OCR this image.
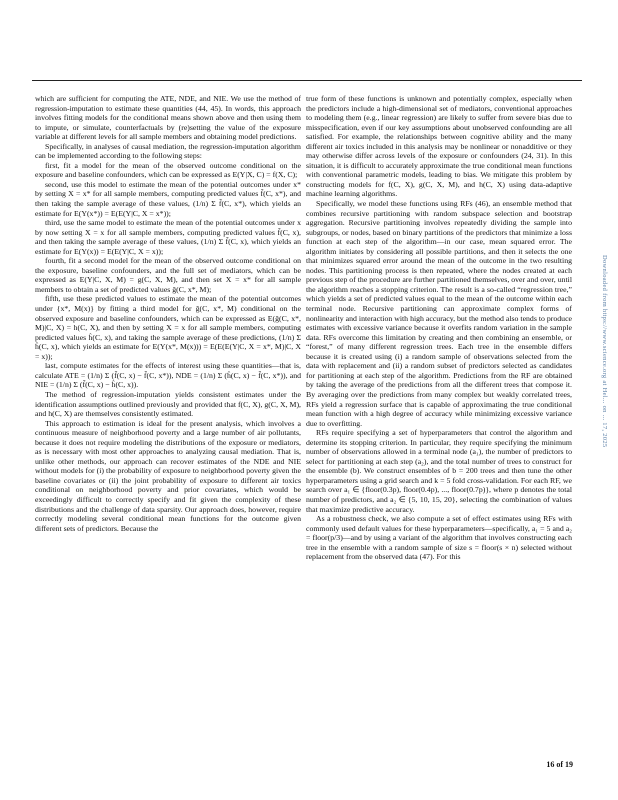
which are sufficient for computing the ATE, NDE, and NIE. We use the method of regression-imputation to estimate these quantities (44, 45). In words, this approach involves fitting models for the conditional means shown above and then using them to impute, or simulate, counterfactuals by (re)setting the value of the exposure variable at different levels for all sample members and obtaining model predictions.

Specifically, in analyses of causal mediation, the regression-imputation algorithm can be implemented according to the following steps:

first, fit a model for the mean of the observed outcome conditional on the exposure and baseline confounders, which can be expressed as E(Y|X, C) = f(X, C);

second, use this model to estimate the mean of the potential outcomes under x* by setting X = x* for all sample members, computing predicted values f̂(C, x*), and then taking the sample average of these values, (1/n) Σ f̂(C, x*), which yields an estimate for E(Y(x*)) = E(E(Y|C, X = x*));

third, use the same model to estimate the mean of the potential outcomes under x by now setting X = x for all sample members, computing predicted values f̂(C, x), and then taking the sample average of these values, (1/n) Σ f̂(C, x), which yields an estimate for E(Y(x)) = E(E(Y|C, X = x));

fourth, fit a second model for the mean of the observed outcome conditional on the exposure, baseline confounders, and the full set of mediators, which can be expressed as E(Y|C, X, M) = g(C, X, M), and then set X = x* for all sample members to obtain a set of predicted values ĝ(C, x*, M);

fifth, use these predicted values to estimate the mean of the potential outcomes under {x*, M(x)} by fitting a third model for ĝ(C, x*, M) conditional on the observed exposure and baseline confounders, which can be expressed as E(ĝ(C, x*, M)|C, X) = h(C, X), and then by setting X = x for all sample members, computing predicted values ĥ(C, x), and taking the sample average of these predictions, (1/n) Σ ĥ(C, x), which yields an estimate for E(Y(x*, M(x))) = E(E(E(Y|C, X = x*, M)|C, X = x));

last, compute estimates for the effects of interest using these quantities—that is, calculate ATE = (1/n) Σ (f̂(C, x) − f̂(C, x*)), NDE = (1/n) Σ (ĥ(C, x) − f̂(C, x*)), and NIE = (1/n) Σ (f̂(C, x) − ĥ(C, x)).

The method of regression-imputation yields consistent estimates under the identification assumptions outlined previously and provided that f(C, X), g(C, X, M), and h(C, X) are themselves consistently estimated.

This approach to estimation is ideal for the present analysis, which involves a continuous measure of neighborhood poverty and a large number of air pollutants, because it does not require modeling the distributions of the exposure or mediators, as is necessary with most other approaches to analyzing causal mediation. That is, unlike other methods, our approach can recover estimates of the NDE and NIE without models for (i) the probability of exposure to neighborhood poverty given the baseline covariates or (ii) the joint probability of exposure to different air toxics conditional on neighborhood poverty and prior covariates, which would be exceedingly difficult to correctly specify and fit given the complexity of these distributions and the challenge of data sparsity. Our approach does, however, require correctly modeling several conditional mean functions for the outcome given different sets of predictors. Because the

true form of these functions is unknown and potentially complex, especially when the predictors include a high-dimensional set of mediators, conventional approaches to modeling them (e.g., linear regression) are likely to suffer from severe bias due to misspecification, even if our key assumptions about unobserved confounding are all satisfied. For example, the relationships between cognitive ability and the many different air toxics included in this analysis may be nonlinear or nonadditive or they may otherwise differ across levels of the exposure or confounders (24, 31). In this situation, it is difficult to accurately approximate the true conditional mean functions with conventional parametric models, leading to bias. We mitigate this problem by constructing models for f(C, X), g(C, X, M), and h(C, X) using data-adaptive machine learning algorithms.

Specifically, we model these functions using RFs (46), an ensemble method that combines recursive partitioning with random subspace selection and bootstrap aggregation. Recursive partitioning involves repeatedly dividing the sample into subgroups, or nodes, based on binary partitions of the predictors that minimize a loss function at each step of the algorithm—in our case, mean squared error. The algorithm initiates by considering all possible partitions, and then it selects the one that minimizes squared error around the mean of the outcome in the two resulting nodes. This partitioning process is then repeated, where the nodes created at each previous step of the procedure are further partitioned themselves, over and over, until the algorithm reaches a stopping criterion. The result is a so-called “regression tree,” which yields a set of predicted values equal to the mean of the outcome within each terminal node. Recursive partitioning can approximate complex forms of nonlinearity and interaction with high accuracy, but the method also tends to produce estimates with excessive variance because it overfits random variation in the sample data. RFs overcome this limitation by creating and then combining an ensemble, or “forest,” of many different regression trees. Each tree in the ensemble differs because it is created using (i) a random sample of observations selected from the data with replacement and (ii) a random subset of predictors selected as candidates for partitioning at each step of the algorithm. Predictions from the RF are obtained by taking the average of the predictions from all the different trees that compose it. By averaging over the predictions from many complex but weakly correlated trees, RFs yield a regression surface that is capable of approximating the true conditional mean function with a high degree of accuracy while minimizing excessive variance due to overfitting.

RFs require specifying a set of hyperparameters that control the algorithm and determine its stopping criterion. In particular, they require specifying the minimum number of observations allowed in a terminal node (a₁), the number of predictors to select for partitioning at each step (a₂), and the total number of trees to construct for the ensemble (b). We construct ensembles of b = 200 trees and then tune the other hyperparameters using a grid search and k = 5 fold cross-validation. For each RF, we search over a₁ ∈ {floor(0.3p), floor(0.4p), ..., floor(0.7p)}, where p denotes the total number of predictors, and a₂ ∈ {5, 10, 15, 20}, selecting the combination of values that maximize predictive accuracy.

As a robustness check, we also compute a set of effect estimates using RFs with commonly used default values for these hyperparameters—specifically, a₁ = 5 and a₂ = floor(p/3)—and by using a variant of the algorithm that involves constructing each tree in the ensemble with a random sample of size s = floor(s × n) selected without replacement from the observed data (47). For this

Downloaded from https://www.science.org at Hel... on ... 17, 2025
16 of 19
